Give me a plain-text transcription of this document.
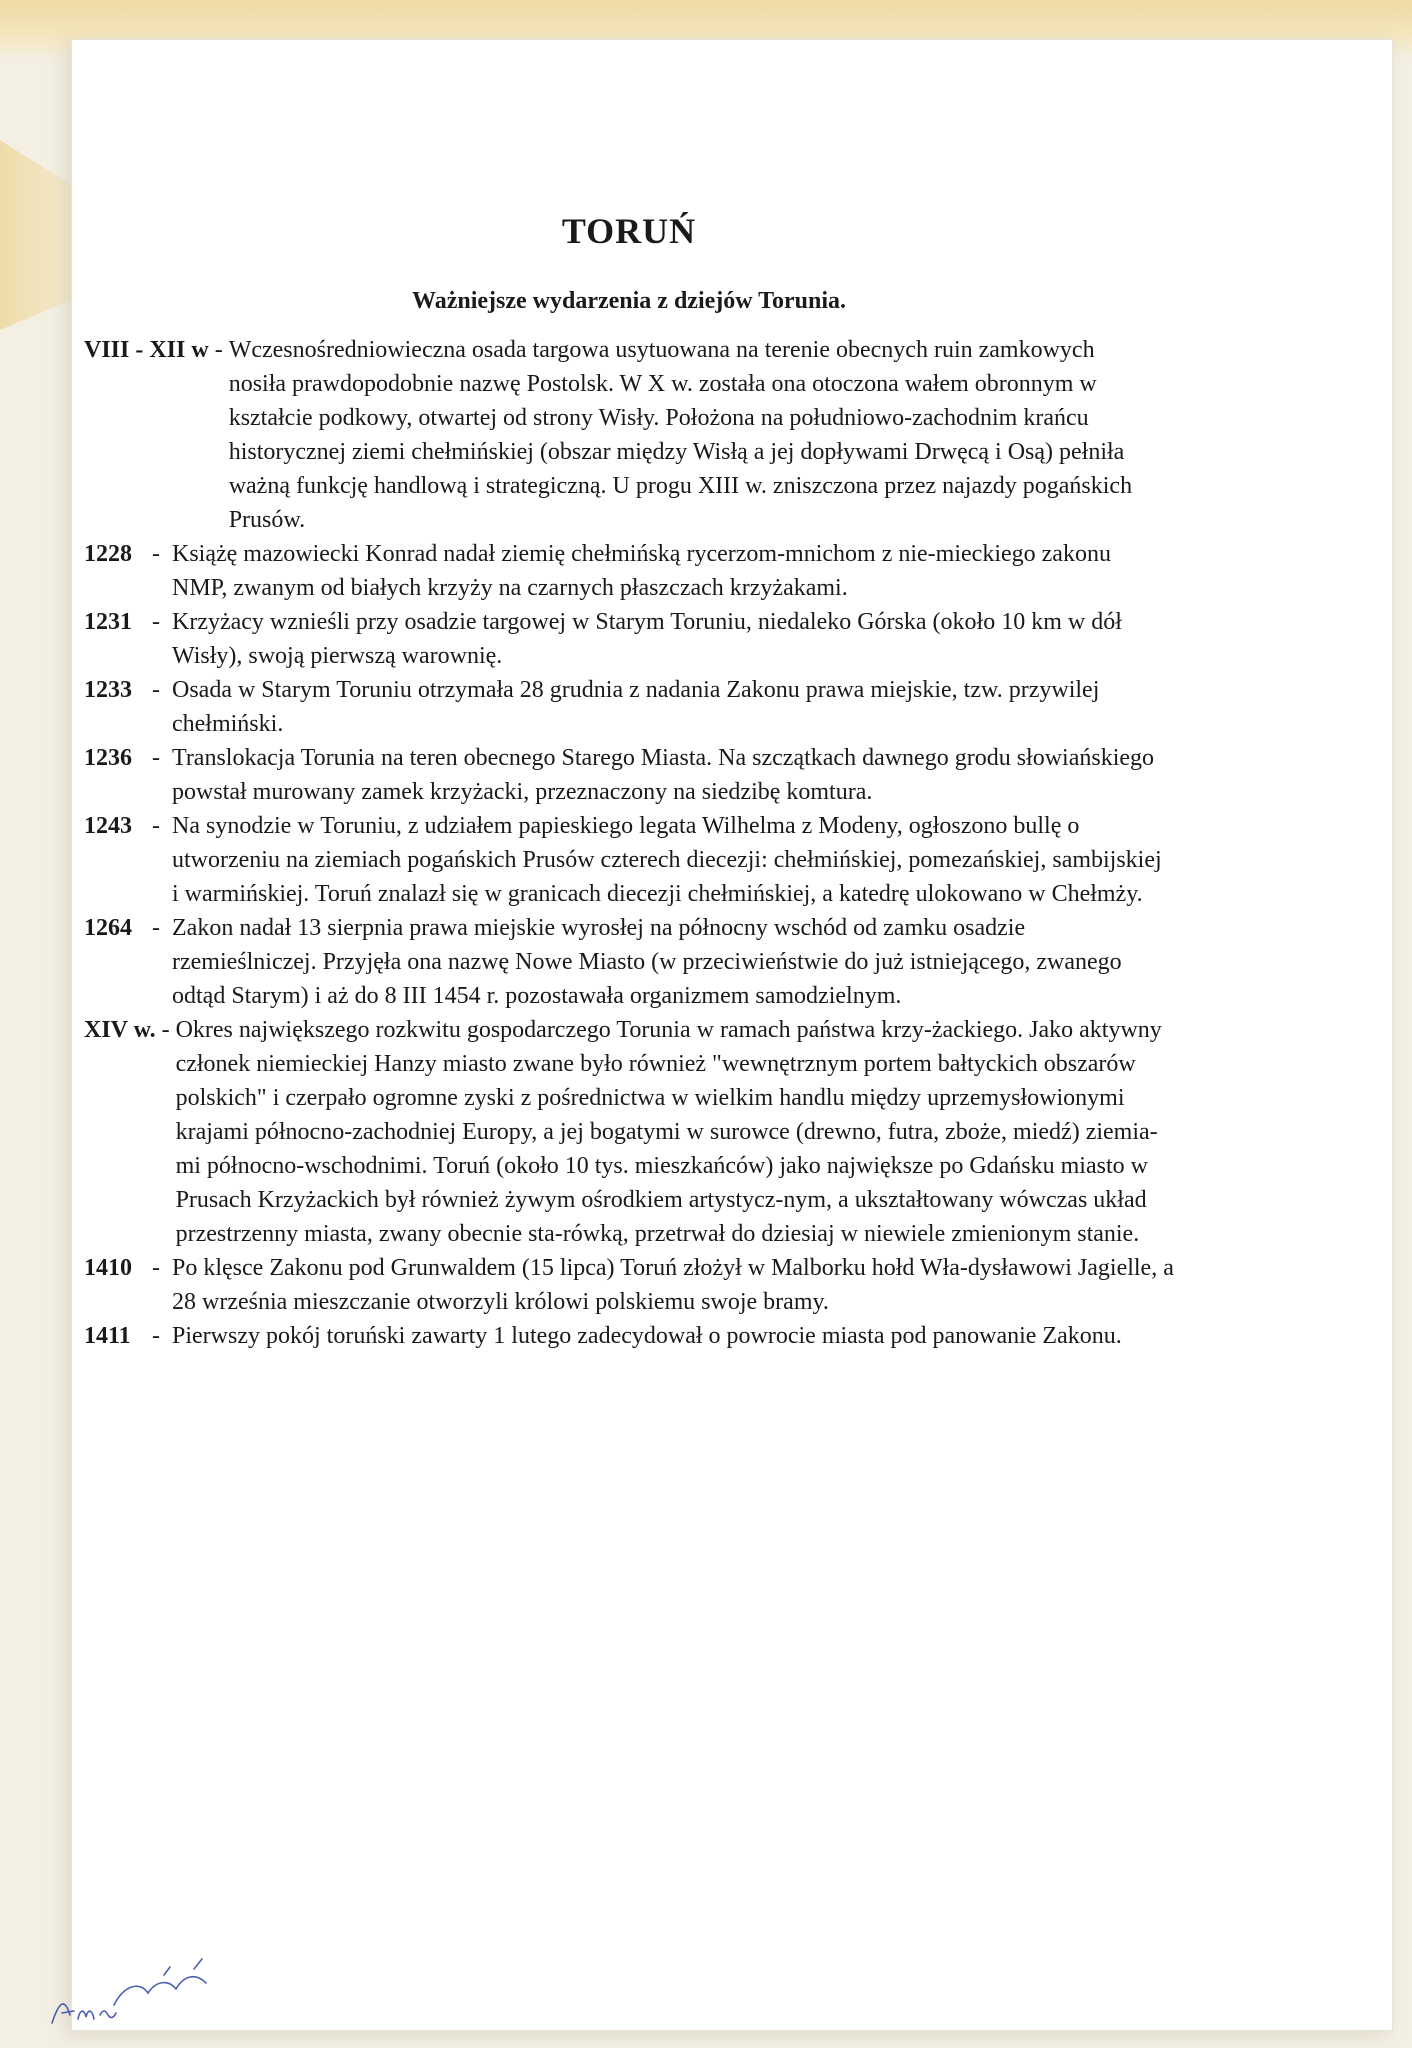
TORUŃ
Ważniejsze wydarzenia z dziejów Torunia.
VIII - XII w - Wczesnośredniowieczna osada targowa usytuowana na terenie obecnych ruin zamkowych
nosiła prawdopodobnie nazwę Postolsk. W X w. została ona otoczona wałem obronnym w
kształcie podkowy, otwartej od strony Wisły. Położona na południowo-zachodnim krańcu
historycznej ziemi chełmińskiej (obszar między Wisłą a jej dopływami Drwęcą i Osą) pełniła
ważną funkcję handlową i strategiczną. U progu XIII w. zniszczona przez najazdy pogańskich Prusów.
1228 - Książę mazowiecki Konrad nadał ziemię chełmińską rycerzom-mnichom z nie-mieckiego zakonu
NMP, zwanym od białych krzyży na czarnych płaszczach krzyżakami.
1231 - Krzyżacy wznieśli przy osadzie targowej w Starym Toruniu, niedaleko Górska (około 10 km w dół Wisły), swoją pierwszą warownię.
1233 - Osada w Starym Toruniu otrzymała 28 grudnia z nadania Zakonu prawa miejskie, tzw. przywilej chełmiński.
1236 - Translokacja Torunia na teren obecnego Starego Miasta. Na szczątkach dawnego grodu słowiańskiego powstał murowany zamek krzyżacki, przeznaczony na siedzibę komtura.
1243 - Na synodzie w Toruniu, z udziałem papieskiego legata Wilhelma z Modeny, ogłoszono bullę o utworzeniu na ziemiach pogańskich Prusów czterech diecezji: chełmińskiej, pomezańskiej, sambijskiej i warmińskiej. Toruń znalazł się w granicach diecezji chełmińskiej, a katedrę ulokowano w Chełmży.
1264 - Zakon nadał 13 sierpnia prawa miejskie wyrosłej na północny wschód od zamku osadzie
rzemieślniczej. Przyjęła ona nazwę Nowe Miasto (w przeciwieństwie do już istniejącego, zwanego odtąd Starym) i aż do 8 III 1454 r. pozostawała organizmem samodzielnym.
XIV w. - Okres największego rozkwitu gospodarczego Torunia w ramach państwa krzy-żackiego. Jako aktywny członek niemieckiej Hanzy miasto zwane było również "wewnętrznym portem bałtyckich obszarów polskich" i czerpało ogromne zyski z pośrednictwa w wielkim handlu między uprzemysłowionymi krajami północno-zachodniej Europy, a jej bogatymi w surowce (drewno, futra, zboże, miedź) ziemia-mi północno-wschodnimi. Toruń (około 10 tys. mieszkańców) jako największe po Gdańsku miasto w Prusach Krzyżackich był również żywym ośrodkiem artystycz-nym, a ukształtowany wówczas układ przestrzenny miasta, zwany obecnie sta-rówką, przetrwał do dziesiaj w niewiele zmienionym stanie.
1410 - Po klęsce Zakonu pod Grunwaldem (15 lipca) Toruń złożył w Malborku hołd Wła-dysławowi Jagielle, a 28 września mieszczanie otworzyli królowi polskiemu swoje bramy.
1411 - Pierwszy pokój toruński zawarty 1 lutego zadecydował o powrocie miasta pod panowanie Zakonu.
